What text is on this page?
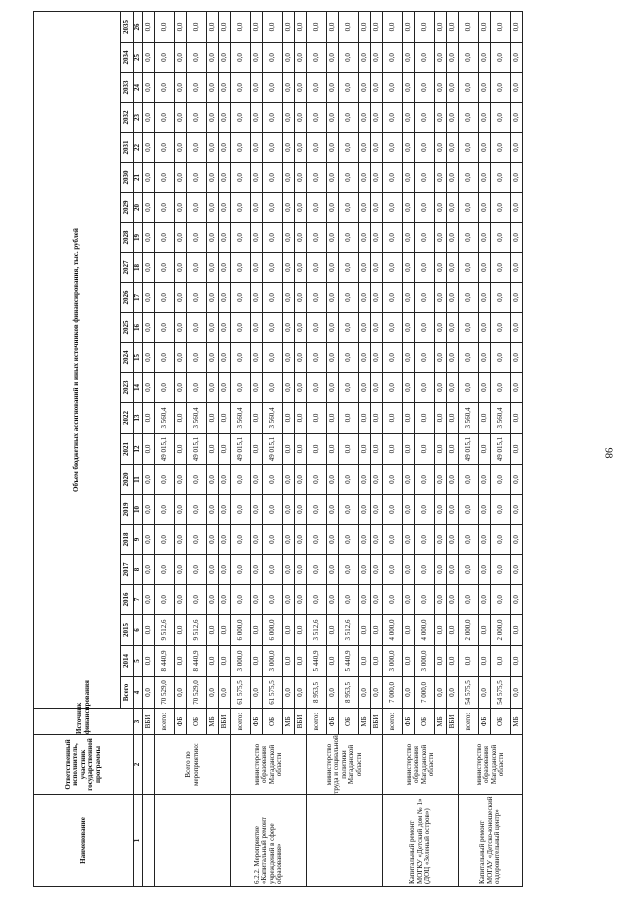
98
Наименование	Ответственный исполнитель, участник государственной программы	Источник финансирования	Объем бюджетных ассигнований и иных источников финансирования, тыс. рублей																						
			Всего	2014	2015	2016	2017	2018	2019	2020	2021	2022	2023	2024	2025	2026	2027	2028	2029	2030	2031	2032	2033	2034	2035
1	2	3	4	5	6	7	8	9	10	11	12	13	14	15	16	17	18	19	20	21	22	23	24	25	26
		ВБИ	0,0	0,0	0,0	0,0	0,0	0,0	0,0	0,0	0,0	0,0	0,0	0,0	0,0	0,0	0,0	0,0	0,0	0,0	0,0	0,0	0,0	0,0	0,0
	Всего по мероприятию:	всего:	70 529,0	8 440,9	9 512,6	0,0	0,0	0,0	0,0	0,0	49 015,1	3 560,4	0,0	0,0	0,0	0,0	0,0	0,0	0,0	0,0	0,0	0,0	0,0	0,0	0,0
		ФБ	0,0	0,0	0,0	0,0	0,0	0,0	0,0	0,0	0,0	0,0	0,0	0,0	0,0	0,0	0,0	0,0	0,0	0,0	0,0	0,0	0,0	0,0	0,0
		ОБ	70 529,0	8 440,9	9 512,6	0,0	0,0	0,0	0,0	0,0	49 015,1	3 560,4	0,0	0,0	0,0	0,0	0,0	0,0	0,0	0,0	0,0	0,0	0,0	0,0	0,0
		МБ	0,0	0,0	0,0	0,0	0,0	0,0	0,0	0,0	0,0	0,0	0,0	0,0	0,0	0,0	0,0	0,0	0,0	0,0	0,0	0,0	0,0	0,0	0,0
		ВБИ	0,0	0,0	0,0	0,0	0,0	0,0	0,0	0,0	0,0	0,0	0,0	0,0	0,0	0,0	0,0	0,0	0,0	0,0	0,0	0,0	0,0	0,0	0,0
6.2.2. Мероприятие «Капитальный ремонт учреждений в сфере образования»	министерство образования Магаданской области	всего:	61 575,5	3 000,0	6 000,0	0,0	0,0	0,0	0,0	0,0	49 015,1	3 560,4	0,0	0,0	0,0	0,0	0,0	0,0	0,0	0,0	0,0	0,0	0,0	0,0	0,0
		ФБ	0,0	0,0	0,0	0,0	0,0	0,0	0,0	0,0	0,0	0,0	0,0	0,0	0,0	0,0	0,0	0,0	0,0	0,0	0,0	0,0	0,0	0,0	0,0
		ОБ	61 575,5	3 000,0	6 000,0	0,0	0,0	0,0	0,0	0,0	49 015,1	3 560,4	0,0	0,0	0,0	0,0	0,0	0,0	0,0	0,0	0,0	0,0	0,0	0,0	0,0
		МБ	0,0	0,0	0,0	0,0	0,0	0,0	0,0	0,0	0,0	0,0	0,0	0,0	0,0	0,0	0,0	0,0	0,0	0,0	0,0	0,0	0,0	0,0	0,0
		ВБИ	0,0	0,0	0,0	0,0	0,0	0,0	0,0	0,0	0,0	0,0	0,0	0,0	0,0	0,0	0,0	0,0	0,0	0,0	0,0	0,0	0,0	0,0	0,0
	министерство труда и социальной политики Магаданской области	всего:	8 953,5	5 440,9	3 512,6	0,0	0,0	0,0	0,0	0,0	0,0	0,0	0,0	0,0	0,0	0,0	0,0	0,0	0,0	0,0	0,0	0,0	0,0	0,0	0,0
		ФБ	0,0	0,0	0,0	0,0	0,0	0,0	0,0	0,0	0,0	0,0	0,0	0,0	0,0	0,0	0,0	0,0	0,0	0,0	0,0	0,0	0,0	0,0	0,0
		ОБ	8 953,5	5 440,9	3 512,6	0,0	0,0	0,0	0,0	0,0	0,0	0,0	0,0	0,0	0,0	0,0	0,0	0,0	0,0	0,0	0,0	0,0	0,0	0,0	0,0
		МБ	0,0	0,0	0,0	0,0	0,0	0,0	0,0	0,0	0,0	0,0	0,0	0,0	0,0	0,0	0,0	0,0	0,0	0,0	0,0	0,0	0,0	0,0	0,0
		ВБИ	0,0	0,0	0,0	0,0	0,0	0,0	0,0	0,0	0,0	0,0	0,0	0,0	0,0	0,0	0,0	0,0	0,0	0,0	0,0	0,0	0,0	0,0	0,0
Капитальный ремонт МОГКУ «Детский дом № 1» (ДОЦ «Зеленый остров»)	министерство образования Магаданской области	всего:	7 000,0	3 000,0	4 000,0	0,0	0,0	0,0	0,0	0,0	0,0	0,0	0,0	0,0	0,0	0,0	0,0	0,0	0,0	0,0	0,0	0,0	0,0	0,0	0,0
		ФБ	0,0	0,0	0,0	0,0	0,0	0,0	0,0	0,0	0,0	0,0	0,0	0,0	0,0	0,0	0,0	0,0	0,0	0,0	0,0	0,0	0,0	0,0	0,0
		ОБ	7 000,0	3 000,0	4 000,0	0,0	0,0	0,0	0,0	0,0	0,0	0,0	0,0	0,0	0,0	0,0	0,0	0,0	0,0	0,0	0,0	0,0	0,0	0,0	0,0
		МБ	0,0	0,0	0,0	0,0	0,0	0,0	0,0	0,0	0,0	0,0	0,0	0,0	0,0	0,0	0,0	0,0	0,0	0,0	0,0	0,0	0,0	0,0	0,0
		ВБИ	0,0	0,0	0,0	0,0	0,0	0,0	0,0	0,0	0,0	0,0	0,0	0,0	0,0	0,0	0,0	0,0	0,0	0,0	0,0	0,0	0,0	0,0	0,0
Капитальный ремонт МОГАУ «Детско-юношеский оздоровительный центр»	министерство образования Магаданской области	всего:	54 575,5	0,0	2 000,0	0,0	0,0	0,0	0,0	0,0	49 015,1	3 560,4	0,0	0,0	0,0	0,0	0,0	0,0	0,0	0,0	0,0	0,0	0,0	0,0	0,0
		ФБ	0,0	0,0	0,0	0,0	0,0	0,0	0,0	0,0	0,0	0,0	0,0	0,0	0,0	0,0	0,0	0,0	0,0	0,0	0,0	0,0	0,0	0,0	0,0
		ОБ	54 575,5	0,0	2 000,0	0,0	0,0	0,0	0,0	0,0	49 015,1	3 560,4	0,0	0,0	0,0	0,0	0,0	0,0	0,0	0,0	0,0	0,0	0,0	0,0	0,0
		МБ	0,0	0,0	0,0	0,0	0,0	0,0	0,0	0,0	0,0	0,0	0,0	0,0	0,0	0,0	0,0	0,0	0,0	0,0	0,0	0,0	0,0	0,0	0,0
